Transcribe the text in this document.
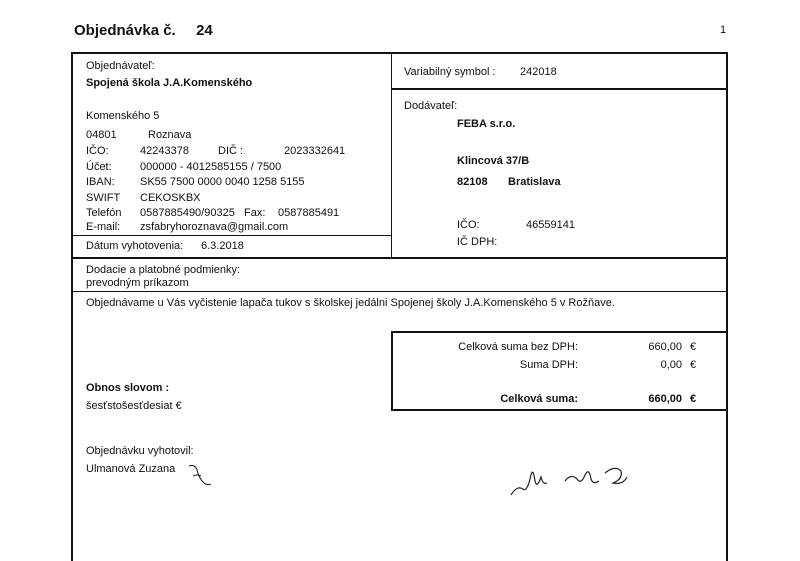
Objednávka č. 24	1
Objednávateľ:
Spojená škola J.A.Komenského
Komenského 5
04801	Roznava
IČO:	42243378	DIČ :	2023332641
Účet:	000000 - 4012585155 / 7500
IBAN: SK55 7500 0000 0040 1258 5155
SWIFT CEKOSKBX
Telefón 0587885490/90325 Fax: 0587885491
E-mail: zsfabryhoroznava@gmail.com
Dátum vyhotovenia: 6.3.2018
Variabilný symbol : 242018
Dodávateľ:
FEBA s.r.o.
Klincová 37/B
82108 Bratislava
IČO:	46559141
IČ DPH:
Dodacie a platobné podmienky:
prevodným príkazom
Objednávame u Vás vyčistenie lapača tukov s školskej jedálni Spojenej školy J.A.Komenského 5 v Rožňave.
Celková suma bez DPH:	660,00 €
Suma DPH:	0,00 €
Celková suma:	660,00 €
Obnos slovom :
šesťstošesťdesiat €
Objednávku vyhotovil:
Ulmanová Zuzana
